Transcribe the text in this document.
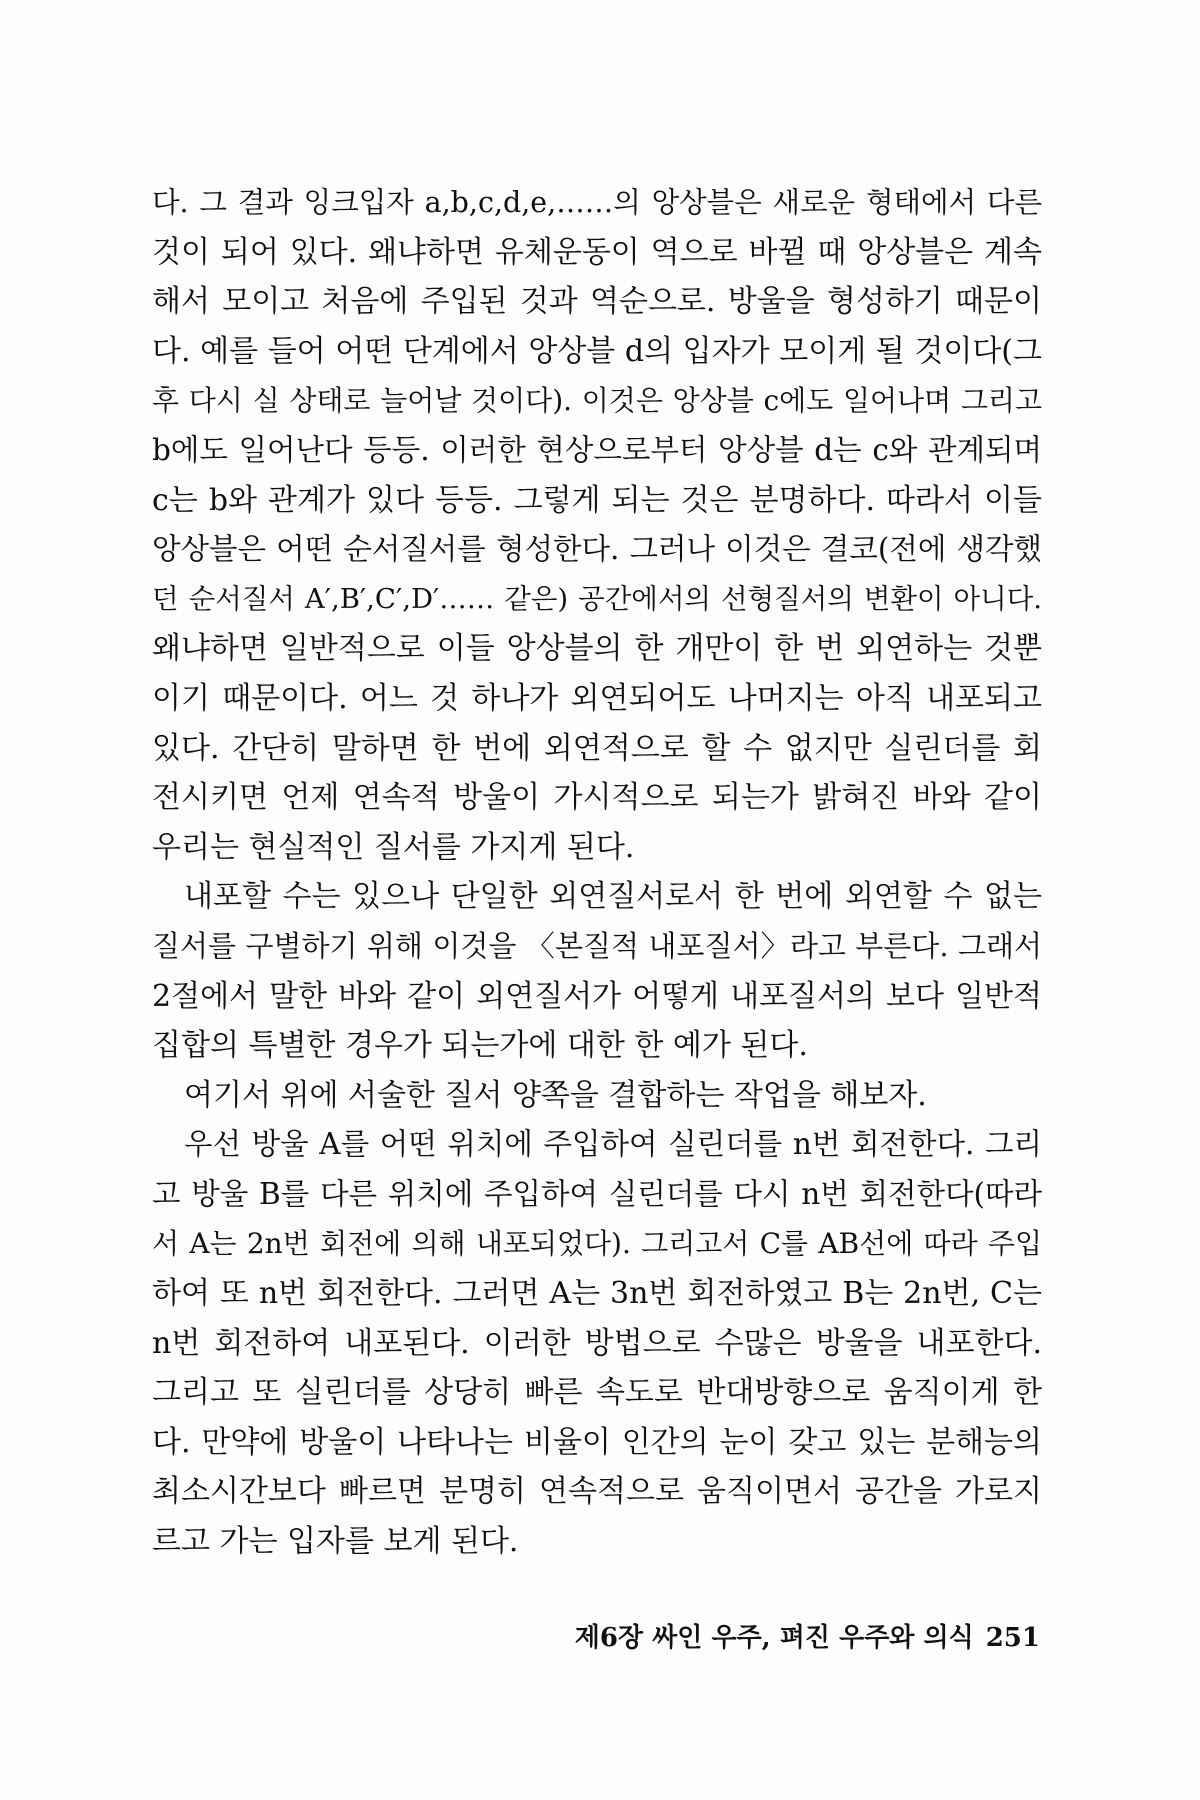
다. 그 결과 잉크입자 a,b,c,d,e,……의 앙상블은 새로운 형태에서 다른
것이 되어 있다. 왜냐하면 유체운동이 역으로 바뀔 때 앙상블은 계속
해서 모이고 처음에 주입된 것과 역순으로. 방울을 형성하기 때문이
다. 예를 들어 어떤 단계에서 앙상블 d의 입자가 모이게 될 것이다(그
후 다시 실 상태로 늘어날 것이다). 이것은 앙상블 c에도 일어나며 그리고
b에도 일어난다 등등. 이러한 현상으로부터 앙상블 d는 c와 관계되며
c는 b와 관계가 있다 등등. 그렇게 되는 것은 분명하다. 따라서 이들
앙상블은 어떤 순서질서를 형성한다. 그러나 이것은 결코(전에 생각했
던 순서질서 A′,B′,C′,D′…… 같은) 공간에서의 선형질서의 변환이 아니다.
왜냐하면 일반적으로 이들 앙상블의 한 개만이 한 번 외연하는 것뿐
이기 때문이다. 어느 것 하나가 외연되어도 나머지는 아직 내포되고
있다. 간단히 말하면 한 번에 외연적으로 할 수 없지만 실린더를 회
전시키면 언제 연속적 방울이 가시적으로 되는가 밝혀진 바와 같이
우리는 현실적인 질서를 가지게 된다.
내포할 수는 있으나 단일한 외연질서로서 한 번에 외연할 수 없는
질서를 구별하기 위해 이것을 〈본질적 내포질서〉라고 부른다. 그래서
2절에서 말한 바와 같이 외연질서가 어떻게 내포질서의 보다 일반적
집합의 특별한 경우가 되는가에 대한 한 예가 된다.
여기서 위에 서술한 질서 양쪽을 결합하는 작업을 해보자.
우선 방울 A를 어떤 위치에 주입하여 실린더를 n번 회전한다. 그리
고 방울 B를 다른 위치에 주입하여 실린더를 다시 n번 회전한다(따라
서 A는 2n번 회전에 의해 내포되었다). 그리고서 C를 AB선에 따라 주입
하여 또 n번 회전한다. 그러면 A는 3n번 회전하였고 B는 2n번, C는
n번 회전하여 내포된다. 이러한 방법으로 수많은 방울을 내포한다.
그리고 또 실린더를 상당히 빠른 속도로 반대방향으로 움직이게 한
다. 만약에 방울이 나타나는 비율이 인간의 눈이 갖고 있는 분해능의
최소시간보다 빠르면 분명히 연속적으로 움직이면서 공간을 가로지
르고 가는 입자를 보게 된다.
제6장 싸인 우주, 펴진 우주와 의식 251
